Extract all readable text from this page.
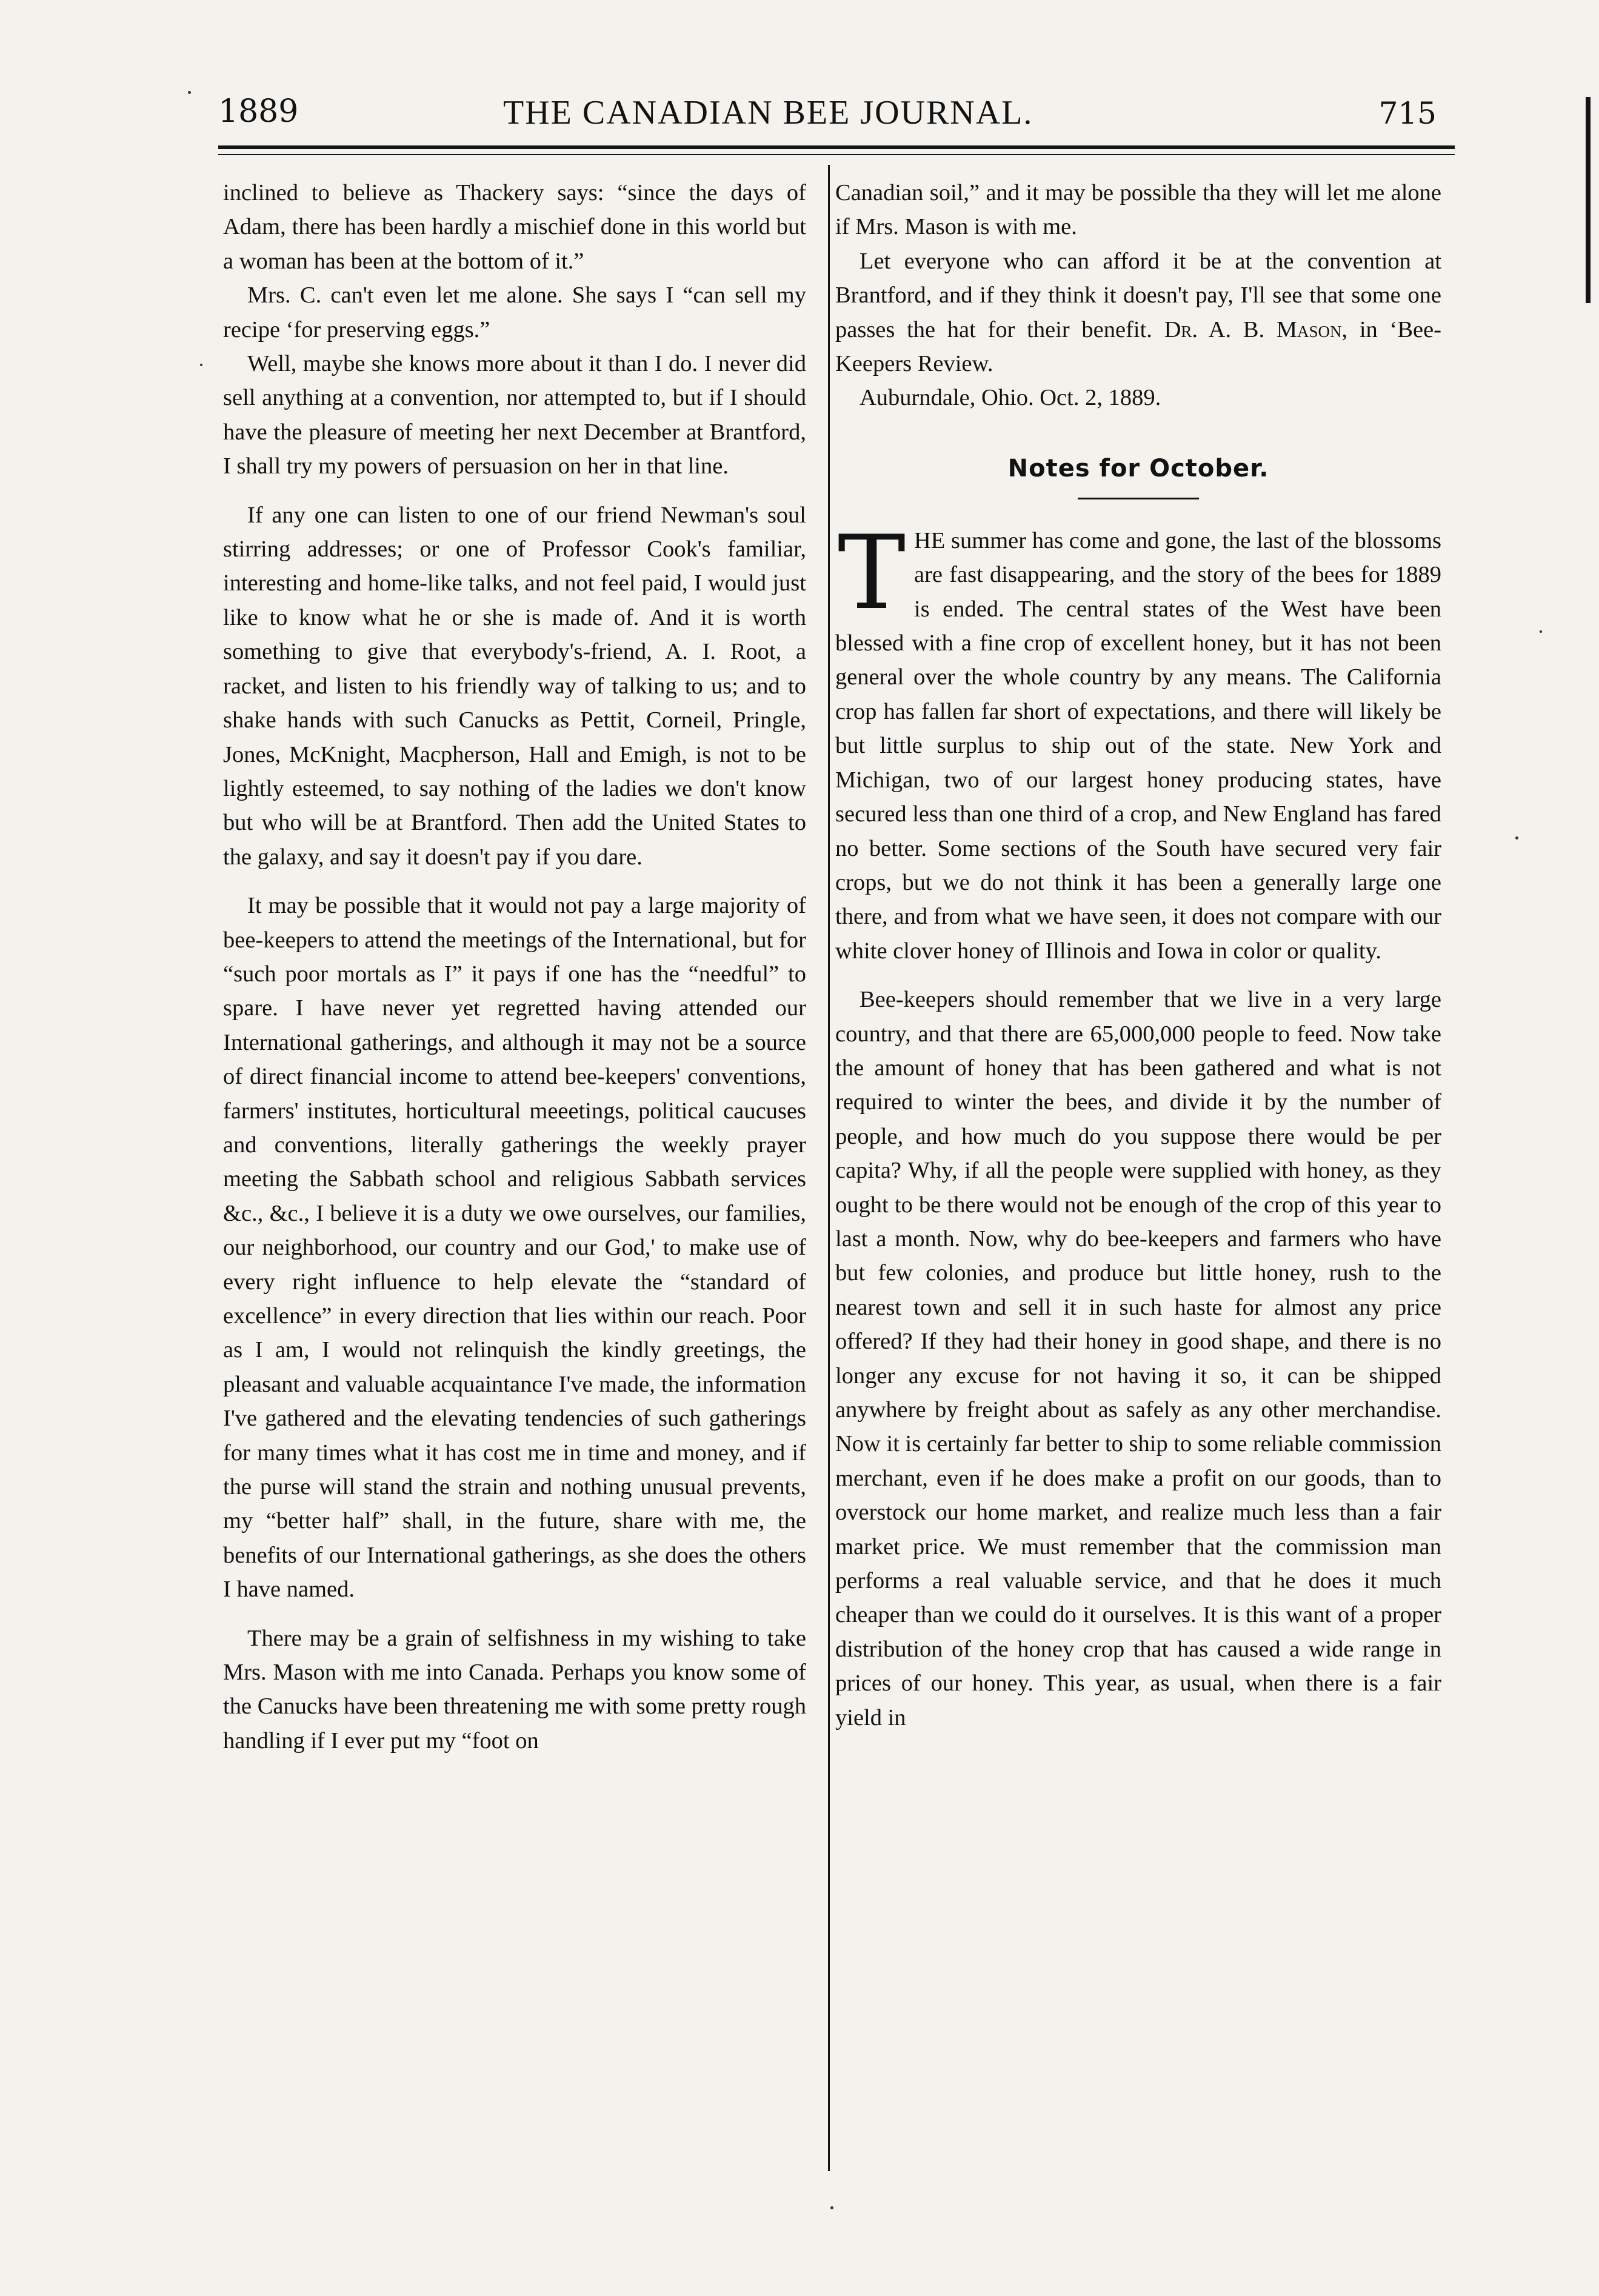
1889	THE CANADIAN BEE JOURNAL.	715

inclined to believe as Thackery says: “since the days of Adam, there has been hardly a mischief done in this world but a woman has been at the bottom of it.”

Mrs. C. can't even let me alone. She says I “can sell my recipe ‘for preserving eggs.”

Well, maybe she knows more about it than I do. I never did sell anything at a convention, nor attempted to, but if I should have the pleasure of meeting her next December at Brantford, I shall try my powers of persuasion on her in that line.

If any one can listen to one of our friend Newman's soul stirring addresses; or one of Professor Cook's familiar, interesting and home-like talks, and not feel paid, I would just like to know what he or she is made of. And it is worth something to give that everybody's-friend, A. I. Root, a racket, and listen to his friendly way of talking to us; and to shake hands with such Canucks as Pettit, Corneil, Pringle, Jones, McKnight, Macpherson, Hall and Emigh, is not to be lightly esteemed, to say nothing of the ladies we don't know but who will be at Brantford. Then add the United States to the galaxy, and say it doesn't pay if you dare.

It may be possible that it would not pay a large majority of bee-keepers to attend the meetings of the International, but for “such poor mortals as I” it pays if one has the “needful” to spare. I have never yet regretted having attended our International gatherings, and although it may not be a source of direct financial income to attend bee-keepers' conventions, farmers' institutes, horticultural meeetings, political caucuses and conventions, literally gatherings the weekly prayer meeting the Sabbath school and religious Sabbath services &c., &c., I believe it is a duty we owe ourselves, our families, our neighborhood, our country and our God,' to make use of every right influence to help elevate the “standard of excellence” in every direction that lies within our reach. Poor as I am, I would not relinquish the kindly greetings, the pleasant and valuable acquaintance I've made, the information I've gathered and the elevating tendencies of such gatherings for many times what it has cost me in time and money, and if the purse will stand the strain and nothing unusual prevents, my “better half” shall, in the future, share with me, the benefits of our International gatherings, as she does the others I have named.

There may be a grain of selfishness in my wishing to take Mrs. Mason with me into Canada. Perhaps you know some of the Canucks have been threatening me with some pretty rough handling if I ever put my “foot on

Canadian soil,” and it may be possible tha they will let me alone if Mrs. Mason is with me.

Let everyone who can afford it be at the convention at Brantford, and if they think it doesn't pay, I'll see that some one passes the hat for their benefit. Dr. A. B. Mason, in ‘Bee-Keepers Review.

Auburndale, Ohio. Oct. 2, 1889.

Notes for October.

THE summer has come and gone, the last of the blossoms are fast disappearing, and the story of the bees for 1889 is ended. The central states of the West have been blessed with a fine crop of excellent honey, but it has not been general over the whole country by any means. The California crop has fallen far short of expectations, and there will likely be but little surplus to ship out of the state. New York and Michigan, two of our largest honey producing states, have secured less than one third of a crop, and New England has fared no better. Some sections of the South have secured very fair crops, but we do not think it has been a generally large one there, and from what we have seen, it does not compare with our white clover honey of Illinois and Iowa in color or quality.

Bee-keepers should remember that we live in a very large country, and that there are 65,000,000 people to feed. Now take the amount of honey that has been gathered and what is not required to winter the bees, and divide it by the number of people, and how much do you suppose there would be per capita? Why, if all the people were supplied with honey, as they ought to be there would not be enough of the crop of this year to last a month. Now, why do bee-keepers and farmers who have but few colonies, and produce but little honey, rush to the nearest town and sell it in such haste for almost any price offered? If they had their honey in good shape, and there is no longer any excuse for not having it so, it can be shipped anywhere by freight about as safely as any other merchandise. Now it is certainly far better to ship to some reliable commission merchant, even if he does make a profit on our goods, than to overstock our home market, and realize much less than a fair market price. We must remember that the commission man performs a real valuable service, and that he does it much cheaper than we could do it ourselves. It is this want of a proper distribution of the honey crop that has caused a wide range in prices of our honey. This year, as usual, when there is a fair yield in
